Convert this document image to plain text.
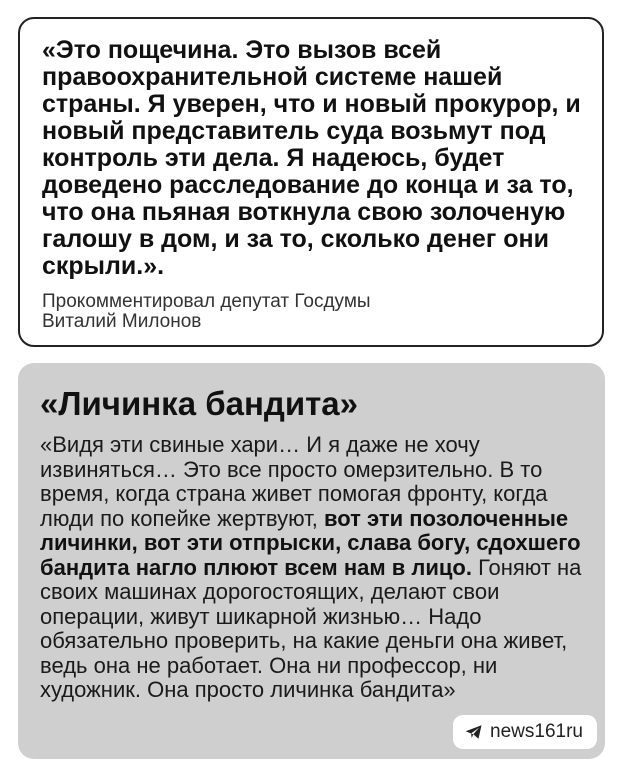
«Это пощечина. Это вызов всей правоохранительной системе нашей страны. Я уверен, что и новый прокурор, и новый представитель суда возьмут под контроль эти дела. Я надеюсь, будет доведено расследование до конца и за то, что она пьяная воткнула свою золоченую галошу в дом, и за то, сколько денег они скрыли.».

Прокомментировал депутат Госдумы
Виталий Милонов
«Личинка бандита»

«Видя эти свиные хари… И я даже не хочу извиняться… Это все просто омерзительно. В то время, когда страна живет помогая фронту, когда люди по копейке жертвуют, вот эти позолоченные личинки, вот эти отпрыски, слава богу, сдохшего бандита нагло плюют всем нам в лицо. Гоняют на своих машинах дорогостоящих, делают свои операции, живут шикарной жизнью… Надо обязательно проверить, на какие деньги она живет, ведь она не работает. Она ни профессор, ни художник. Она просто личинка бандита»

news161ru
